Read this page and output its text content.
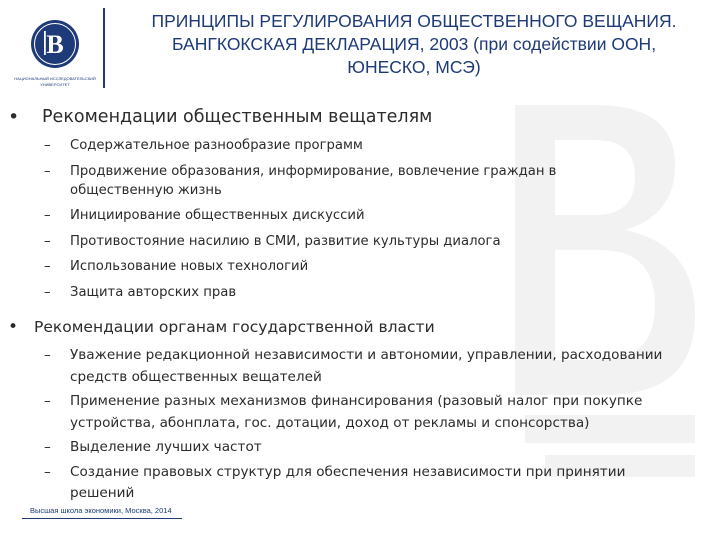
В
НАЦИОНАЛЬНЫЙ ИССЛЕДОВАТЕЛЬСКИЙ
УНИВЕРСИТЕТ
ПРИНЦИПЫ РЕГУЛИРОВАНИЯ ОБЩЕСТВЕННОГО ВЕЩАНИЯ.
БАНГКОКСКАЯ ДЕКЛАРАЦИЯ, 2003 (при содействии ООН,
ЮНЕСКО, МСЭ)
• Рекомендации общественным вещателям
– Содержательное разнообразие программ
– Продвижение образования, информирование, вовлечение граждан в общественную жизнь
– Инициирование общественных дискуссий
– Противостояние насилию в СМИ, развитие культуры диалога
– Использование новых технологий
– Защита авторских прав
• Рекомендации органам государственной власти
– Уважение редакционной независимости и автономии, управлении, расходовании средств общественных вещателей
– Применение разных механизмов финансирования (разовый налог при покупке устройства, абонплата, гос. дотации, доход от рекламы и спонсорства)
– Выделение лучших частот
– Создание правовых структур для обеспечения независимости при принятии решений
Высшая школа экономики, Москва, 2014
